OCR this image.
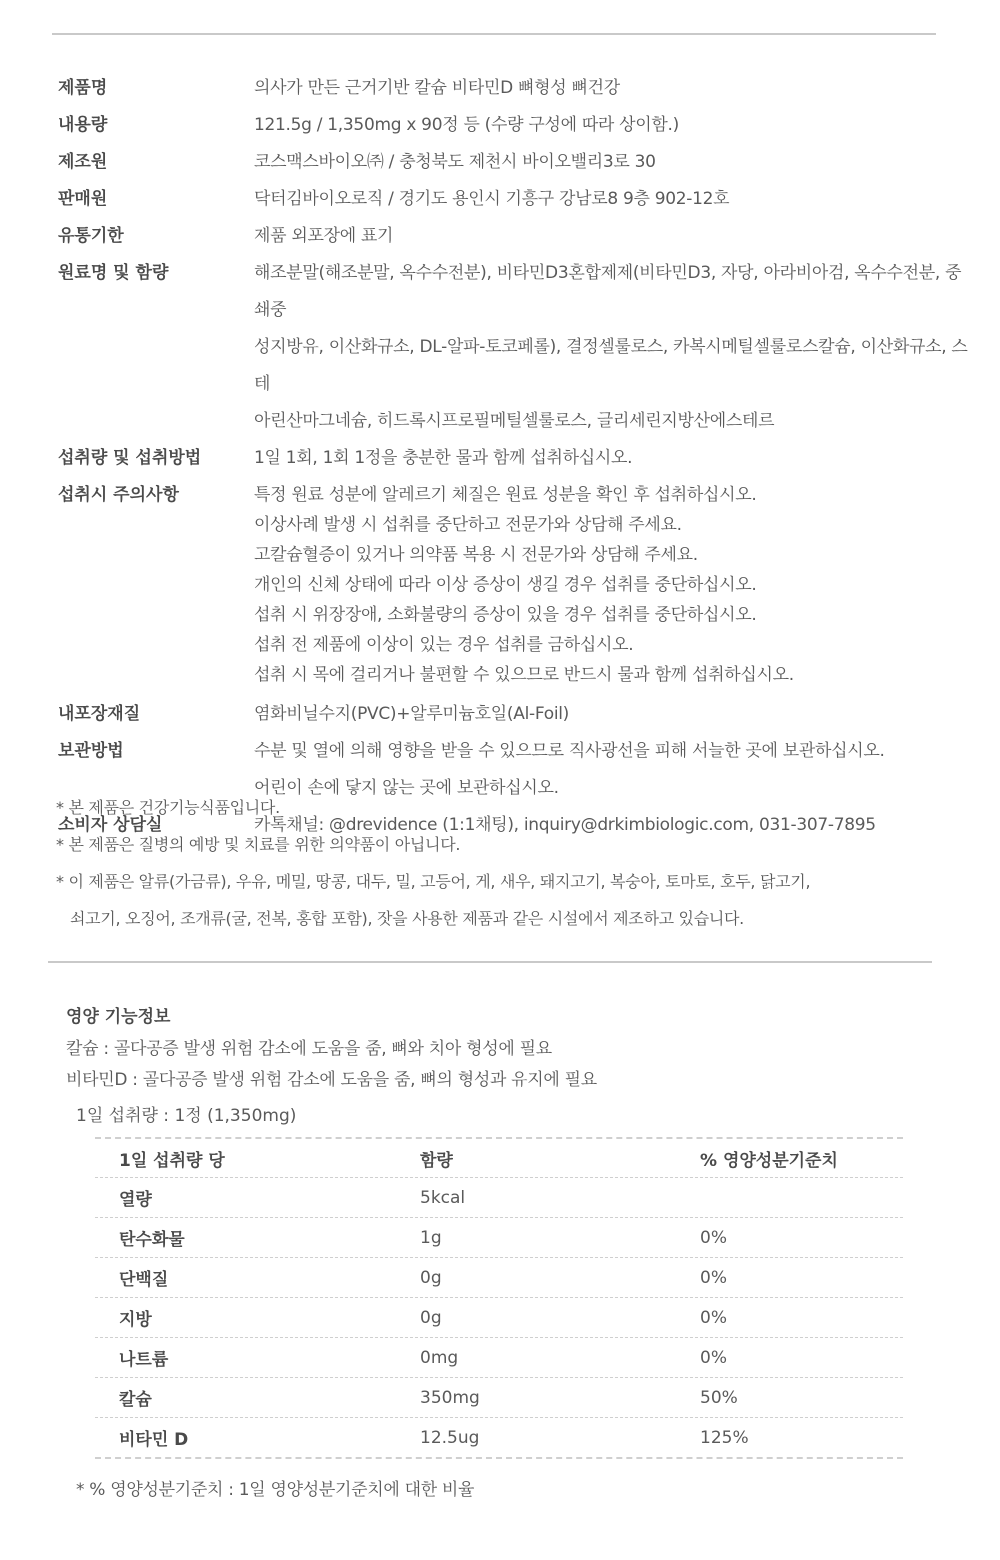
제품명	의사가 만든 근거기반 칼슘 비타민D 뼈형성 뼈건강
내용량	121.5g / 1,350mg x 90정 등 (수량 구성에 따라 상이함.)
제조원	코스맥스바이오㈜ / 충청북도 제천시 바이오밸리3로 30
판매원	닥터김바이오로직 / 경기도 용인시 기흥구 강남로8 9층 902-12호
유통기한	제품 외포장에 표기
원료명 및 함량	해조분말(해조분말, 옥수수전분), 비타민D3혼합제제(비타민D3, 자당, 아라비아검, 옥수수전분, 중쇄중
성지방유, 이산화규소, DL-알파-토코페롤), 결정셀룰로스, 카복시메틸셀룰로스칼슘, 이산화규소, 스테
아린산마그네슘, 히드록시프로필메틸셀룰로스, 글리세린지방산에스테르
섭취량 및 섭취방법	1일 1회, 1회 1정을 충분한 물과 함께 섭취하십시오.
섭취시 주의사항	특정 원료 성분에 알레르기 체질은 원료 성분을 확인 후 섭취하십시오.
이상사례 발생 시 섭취를 중단하고 전문가와 상담해 주세요.
고칼슘혈증이 있거나 의약품 복용 시 전문가와 상담해 주세요.
개인의 신체 상태에 따라 이상 증상이 생길 경우 섭취를 중단하십시오.
섭취 시 위장장애, 소화불량의 증상이 있을 경우 섭취를 중단하십시오.
섭취 전 제품에 이상이 있는 경우 섭취를 금하십시오.
섭취 시 목에 걸리거나 불편할 수 있으므로 반드시 물과 함께 섭취하십시오.
내포장재질	염화비닐수지(PVC)+알루미늄호일(Al-Foil)
보관방법	수분 및 열에 의해 영향을 받을 수 있으므로 직사광선을 피해 서늘한 곳에 보관하십시오.
어린이 손에 닿지 않는 곳에 보관하십시오.
소비자 상담실	카톡채널: @drevidence (1:1채팅), inquiry@drkimbiologic.com, 031-307-7895
* 본 제품은 건강기능식품입니다.
* 본 제품은 질병의 예방 및 치료를 위한 의약품이 아닙니다.
* 이 제품은 알류(가금류), 우유, 메밀, 땅콩, 대두, 밀, 고등어, 게, 새우, 돼지고기, 복숭아, 토마토, 호두, 닭고기,
쇠고기, 오징어, 조개류(굴, 전복, 홍합 포함), 잣을 사용한 제품과 같은 시설에서 제조하고 있습니다.
영양 기능정보
칼슘 : 골다공증 발생 위험 감소에 도움을 줌, 뼈와 치아 형성에 필요
비타민D : 골다공증 발생 위험 감소에 도움을 줌, 뼈의 형성과 유지에 필요
1일 섭취량 : 1정 (1,350mg)
1일 섭취량 당	함량	% 영양성분기준치
열량	5kcal
탄수화물	1g	0%
단백질	0g	0%
지방	0g	0%
나트륨	0mg	0%
칼슘	350mg	50%
비타민 D	12.5ug	125%
* % 영양성분기준치 : 1일 영양성분기준치에 대한 비율
